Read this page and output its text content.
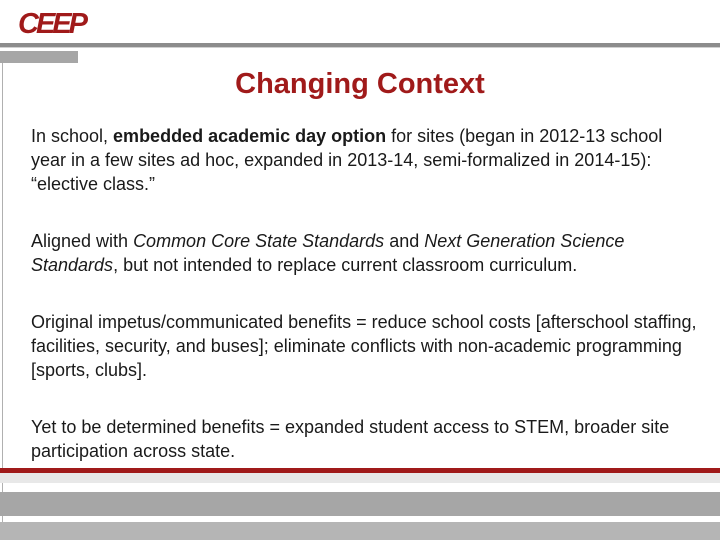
CEEP
Changing Context

In school, embedded academic day option for sites (began in 2012-13 school year in a few sites ad hoc, expanded in 2013-14, semi-formalized in 2014-15): “elective class.”

Aligned with Common Core State Standards and Next Generation Science Standards, but not intended to replace current classroom curriculum.

Original impetus/communicated benefits = reduce school costs [afterschool staffing, facilities, security, and buses]; eliminate conflicts with non-academic programming [sports, clubs].

Yet to be determined benefits = expanded student access to STEM, broader site participation across state.
